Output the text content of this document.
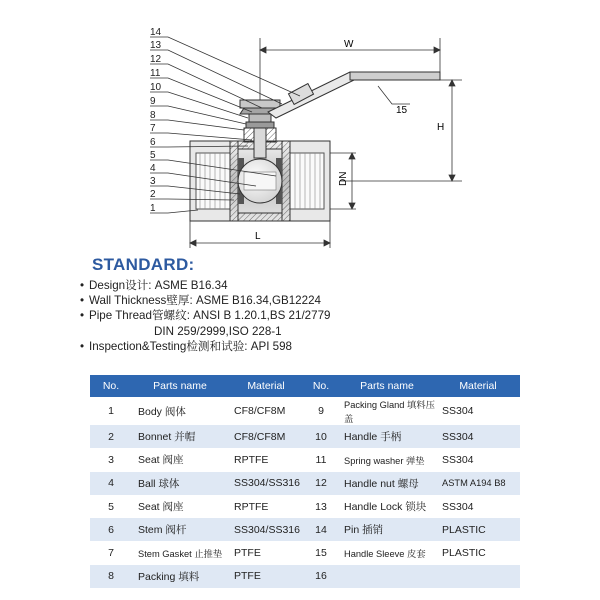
14
13
12
11
10
9
8
7
6
5
4
3
2
1
15
W
H
DN
L
STANDARD:
• Design设计: ASME B16.34
• Wall Thickness壁厚: ASME B16.34,GB12224
• Pipe Thread管螺纹: ANSI B 1.20.1,BS 21/2779
DIN 259/2999,ISO 228-1
• Inspection&Testing检测和试验: API 598
No.	Parts name	Material	No.	Parts name	Material
1	Body 阀体	CF8/CF8M	9	Packing Gland 填料压盖	SS304
2	Bonnet 并帽	CF8/CF8M	10	Handle 手柄	SS304
3	Seat 阀座	RPTFE	11	Spring washer 弹垫	SS304
4	Ball 球体	SS304/SS316	12	Handle nut 螺母	ASTM A194 B8
5	Seat 阀座	RPTFE	13	Handle Lock 锁块	SS304
6	Stem 阀杆	SS304/SS316	14	Pin 插销	PLASTIC
7	Stem Gasket 止推垫	PTFE	15	Handle Sleeve 皮套	PLASTIC
8	Packing 填料	PTFE	16		
